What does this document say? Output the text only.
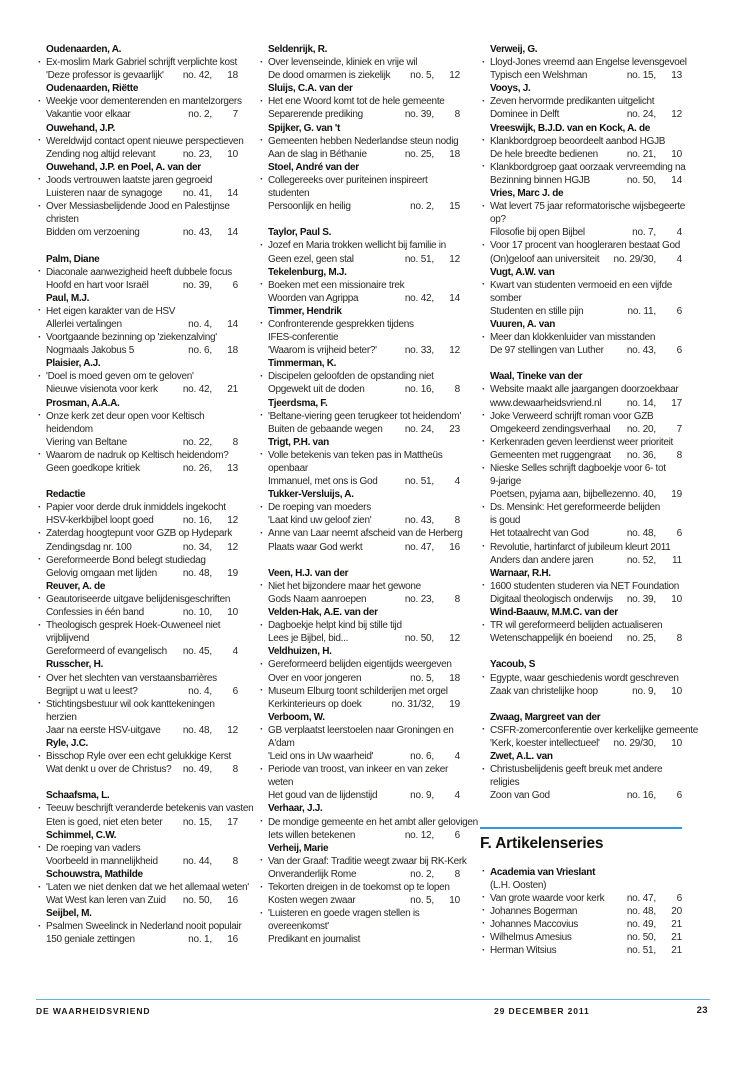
Oudenaarden, A.
· Ex-moslim Mark Gabriel schrijft verplichte kost
'Deze professor is gevaarlijk' no. 42,	18
Oudenaarden, Riëtte
· Weekje voor dementerenden en mantelzorgers
Vakantie voor elkaar	no. 2,	7
Ouwehand, J.P.
· Wereldwijd contact opent nieuwe perspectieven
Zending nog altijd relevant	no. 23,	10
Ouwehand, J.P. en Poel, A. van der
· Joods vertrouwen laatste jaren gegroeid
Luisteren naar de synagoge no. 41,	14
· Over Messiasbelijdende Jood en Palestijnse
christen
Bidden om verzoening	no. 43,	14
Palm, Diane
· Diaconale aanwezigheid heeft dubbele focus
Hoofd en hart voor Israël	no. 39,	6
Paul, M.J.
· Het eigen karakter van de HSV
Allerlei vertalingen	no. 4,	14
· Voortgaande bezinning op 'ziekenzalving'
Nogmaals Jakobus 5	no. 6,	18
Plaisier, A.J.
· 'Doel is moed geven om te geloven'
Nieuwe visienota voor kerk	no. 42,	21
Prosman, A.A.A.
· Onze kerk zet deur open voor Keltisch
heidendom
Viering van Beltane	no. 22,	8
· Waarom de nadruk op Keltisch heidendom?
Geen goedkope kritiek	no. 26,	13
Redactie
· Papier voor derde druk inmiddels ingekocht
HSV-kerkbijbel loopt goed	no. 16,	12
· Zaterdag hoogtepunt voor GZB op Hydepark
Zendingsdag nr. 100	no. 34,	12
· Gereformeerde Bond belegt studiedag
Gelovig omgaan met lijden	no. 48,	19
Reuver, A. de
· Geautoriseerde uitgave belijdenisgeschriften
Confessies in één band	no. 10,	10
· Theologisch gesprek Hoek-Ouweneel niet
vrijblijvend
Gereformeerd of evangelisch no. 45,	4
Russcher, H.
· Over het slechten van verstaansbarrières
Begrijpt u wat u leest?	no. 4,	6
· Stichtingsbestuur wil ook kanttekeningen
herzien
Jaar na eerste HSV-uitgave no. 48,	12
Ryle, J.C.
· Bisschop Ryle over een echt gelukkige Kerst
Wat denkt u over de Christus? no. 49,	8
Schaafsma, L.
· Teeuw beschrijft veranderde betekenis van vasten
Eten is goed, niet eten beter no. 15,	17
Schimmel, C.W.
· De roeping van vaders
Voorbeeld in mannelijkheid	no. 44,	8
Schouwstra, Mathilde
· 'Laten we niet denken dat we het allemaal weten'
Wat West kan leren van Zuid no. 50,	16
Seijbel, M.
· Psalmen Sweelinck in Nederland nooit populair
150 geniale zettingen	no. 1,	16
Seldenrijk, R.
· Over levenseinde, kliniek en vrije wil
De dood omarmen is ziekelijk no. 5,	12
Sluijs, C.A. van der
· Het ene Woord komt tot de hele gemeente
Separerende prediking	no. 39,	8
Spijker, G. van 't
· Gemeenten hebben Nederlandse steun nodig
Aan de slag in Béthanie	no. 25,	18
Stoel, André van der
· Collegereeks over puriteinen inspireert
studenten
Persoonlijk en heilig	no. 2,	15
Taylor, Paul S.
· Jozef en Maria trokken wellicht bij familie in
Geen ezel, geen stal	no. 51,	12
Tekelenburg, M.J.
· Boeken met een missionaire trek
Woorden van Agrippa	no. 42,	14
Timmer, Hendrik
· Confronterende gesprekken tijdens
IFES-conferentie
'Waarom is vrijheid beter?'	no. 33,	12
Timmerman, K.
· Discipelen geloofden de opstanding niet
Opgewekt uit de doden	no. 16,	8
Tjeerdsma, F.
· 'Beltane-viering geen terugkeer tot heidendom'
Buiten de gebaande wegen no. 24,	23
Trigt, P.H. van
· Volle betekenis van teken pas in Mattheüs
openbaar
Immanuel, met ons is God	no. 51,	4
Tukker-Versluijs, A.
· De roeping van moeders
'Laat kind uw geloof zien'	no. 43,	8
· Anne van Laar neemt afscheid van de Herberg
Plaats waar God werkt	no. 47,	16
Veen, H.J. van der
· Niet het bijzondere maar het gewone
Gods Naam aanroepen	no. 23,	8
Velden-Hak, A.E. van der
· Dagboekje helpt kind bij stille tijd
Lees je Bijbel, bid...	no. 50,	12
Veldhuizen, H.
· Gereformeerd belijden eigentijds weergeven
Over en voor jongeren	no. 5,	18
· Museum Elburg toont schilderijen met orgel
Kerkinterieurs op doek	no. 31/32,	19
Verboom, W.
· GB verplaatst leerstoelen naar Groningen en
A'dam
'Leid ons in Uw waarheid'	no. 6,	4
· Periode van troost, van inkeer en van zeker
weten
Het goud van de lijdenstijd	no. 9,	4
Verhaar, J.J.
· De mondige gemeente en het ambt aller gelovigen
Iets willen betekenen	no. 12,	6
Verheij, Marie
· Van der Graaf: Traditie weegt zwaar bij RK-Kerk
Onveranderlijk Rome	no. 2,	8
· Tekorten dreigen in de toekomst op te lopen
Kosten wegen zwaar	no. 5,	10
· 'Luisteren en goede vragen stellen is
overeenkomst'
Predikant en journalist
Verweij, G.
· Lloyd-Jones vreemd aan Engelse levensgevoel
Typisch een Welshman	no. 15,	13
Vooys, J.
· Zeven hervormde predikanten uitgelicht
Dominee in Delft	no. 24,	12
Vreeswijk, B.J.D. van en Kock, A. de
· Klankbordgroep beoordeelt aanbod HGJB
De hele breedte bedienen	no. 21,	10
· Klankbordgroep gaat oorzaak vervreemding na
Bezinning binnen HGJB	no. 50,	14
Vries, Marc J. de
· Wat levert 75 jaar reformatorische wijsbegeerte
op?
Filosofie bij open Bijbel	no. 7,	4
· Voor 17 procent van hoogleraren bestaat God
(On)geloof aan universiteit no. 29/30,	4
Vugt, A.W. van
· Kwart van studenten vermoeid en een vijfde
somber
Studenten en stille pijn	no. 11,	6
Vuuren, A. van
· Meer dan klokkenluider van misstanden
De 97 stellingen van Luther no. 43,	6
Waal, Tineke van der
· Website maakt alle jaargangen doorzoekbaar
www.dewaarheidsvriend.nl	no. 14,	17
· Joke Verweerd schrijft roman voor GZB
Omgekeerd zendingsverhaal no. 20,	7
· Kerkenraden geven leerdienst weer prioriteit
Gemeenten met ruggengraat no. 36,	8
· Nieske Selles schrijft dagboekje voor 6- tot
9-jarige
Poetsen, pyjama aan, bijbellezen no. 40,	19
· Ds. Mensink: Het gereformeerde belijden
is goud
Het totaalrecht van God	no. 48,	6
· Revolutie, hartinfarct of jubileum kleurt 2011
Anders dan andere jaren	no. 52,	11
Warnaar, R.H.
· 1600 studenten studeren via NET Foundation
Digitaal theologisch onderwijs no. 39,	10
Wind-Baauw, M.M.C. van der
· TR wil gereformeerd belijden actualiseren
Wetenschappelijk én boeiend no. 25,	8
Yacoub, S
· Egypte, waar geschiedenis wordt geschreven
Zaak van christelijke hoop	no. 9,	10
Zwaag, Margreet van der
· CSFR-zomerconferentie over kerkelijke gemeente
'Kerk, koester intellectueel' no. 29/30,	10
Zwet, A.L. van
· Christusbelijdenis geeft breuk met andere
religies
Zoon van God	no. 16,	6
F. Artikelenseries
· Academia van Vrieslant
(L.H. Oosten)
· Van grote waarde voor kerk no. 47,	6
· Johannes Bogerman	no. 48,	20
· Johannes Maccovius	no. 49,	21
· Wilhelmus Amesius	no. 50,	21
· Herman Witsius	no. 51,	21
DE WAARHEIDSVRIEND	29 DECEMBER 2011	23
